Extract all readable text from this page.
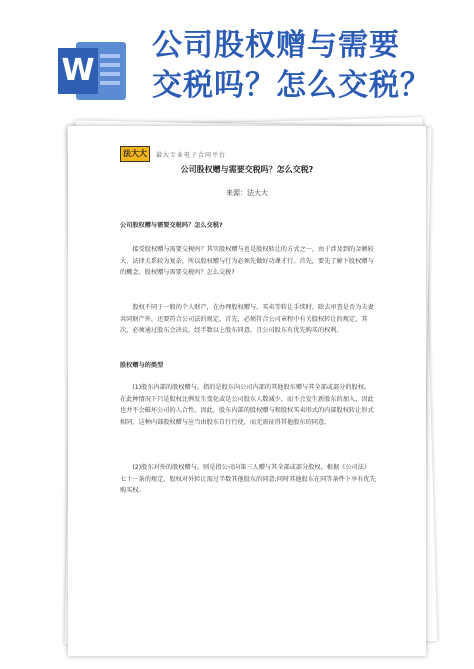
W
公司股权赠与需要
交税吗？怎么交税？
法大大	最大专业电子合同平台
公司股权赠与需要交税吗？怎么交税?
来源：法大大

公司股权赠与需要交税吗？怎么交税?

接受股权赠与需要交税吗？其实股权赠与也是股权转让的方式之一，由于涉及到的金额较大、法律关系较为复杂，所以股权赠与行为必须先做好功课才行。首先，要先了解下股权赠与的概念、股权赠与需要交税吗？怎么交税?

股权不同于一般的个人财产，在办理股权赠与、买卖等转让手续时，除去审查是否为夫妻共同财产外，还要符合公司法的规定，首先，必须符合公司章程中有关股权转让的规定，其次，必须通过股东会决议，经半数以上股东同意，且公司股东有优先购买的权利。

股权赠与的类型

(1)股东内部的股权赠与。指的是股东向公司内部的其他股东赠与其全部或部分的股权。在此种情况下只是股权比例发生变化或是公司股东人数减少，而不会发生新股东的加入，因此也并不会破坏公司的人合性。因此，股东内部的股权赠与和股权买卖形式的内部股权转让形式相同，这种内部股权赠与应当由股东自行行使，而无需征得其他股东的同意。

(2)股东对外的股权赠与。则是指公司向第三人赠与其全部或部分股权。根据《公司法》七十一条的规定，股权对外转让需过半数其他股东的同意;同时其他股东在同等条件下享有优先购买权。
